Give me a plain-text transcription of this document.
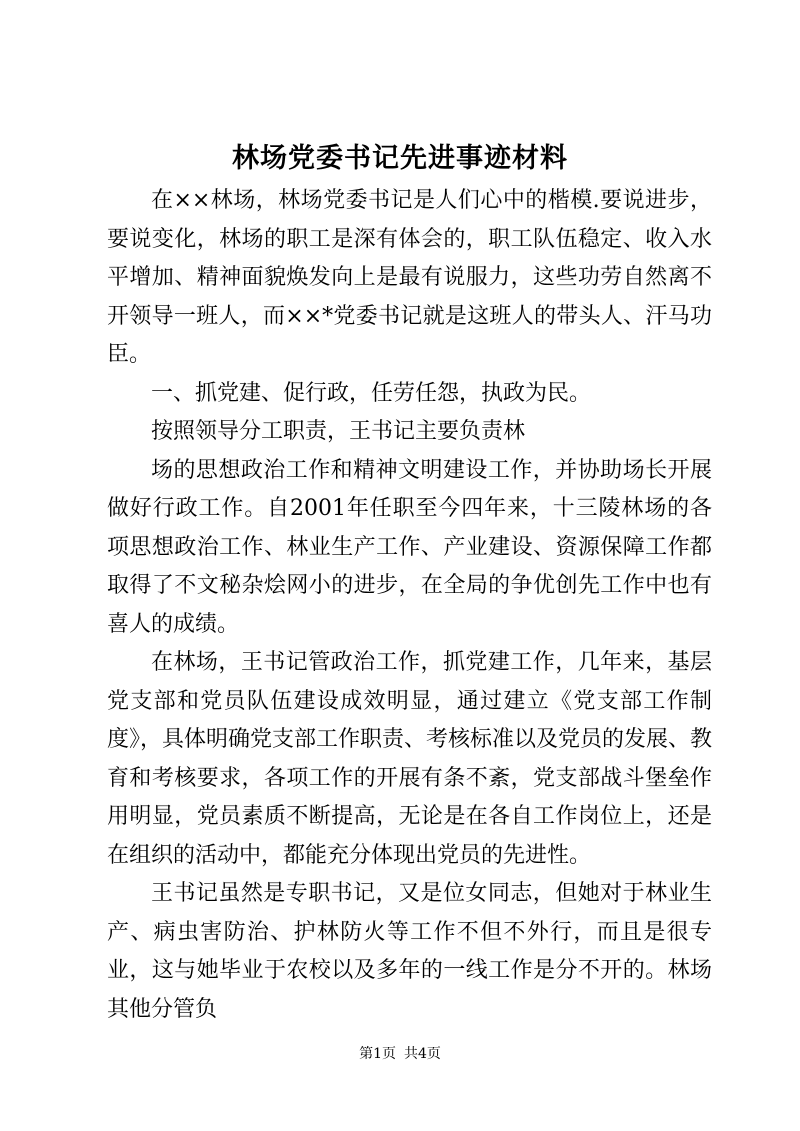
林场党委书记先进事迹材料

在××林场，林场党委书记是人们心中的楷模.要说进步，要说变化，林场的职工是深有体会的，职工队伍稳定、收入水平增加、精神面貌焕发向上是最有说服力，这些功劳自然离不开领导一班人，而××*党委书记就是这班人的带头人、汗马功臣。

一、抓党建、促行政，任劳任怨，执政为民。

按照领导分工职责，王书记主要负责林

场的思想政治工作和精神文明建设工作，并协助场长开展做好行政工作。自2001年任职至今四年来，十三陵林场的各项思想政治工作、林业生产工作、产业建设、资源保障工作都取得了不文秘杂烩网小的进步，在全局的争优创先工作中也有喜人的成绩。

在林场，王书记管政治工作，抓党建工作，几年来，基层党支部和党员队伍建设成效明显，通过建立《党支部工作制度》，具体明确党支部工作职责、考核标准以及党员的发展、教育和考核要求，各项工作的开展有条不紊，党支部战斗堡垒作用明显，党员素质不断提高，无论是在各自工作岗位上，还是在组织的活动中，都能充分体现出党员的先进性。

王书记虽然是专职书记，又是位女同志，但她对于林业生产、病虫害防治、护林防火等工作不但不外行，而且是很专业，这与她毕业于农校以及多年的一线工作是分不开的。林场其他分管负

第1页 共4页
